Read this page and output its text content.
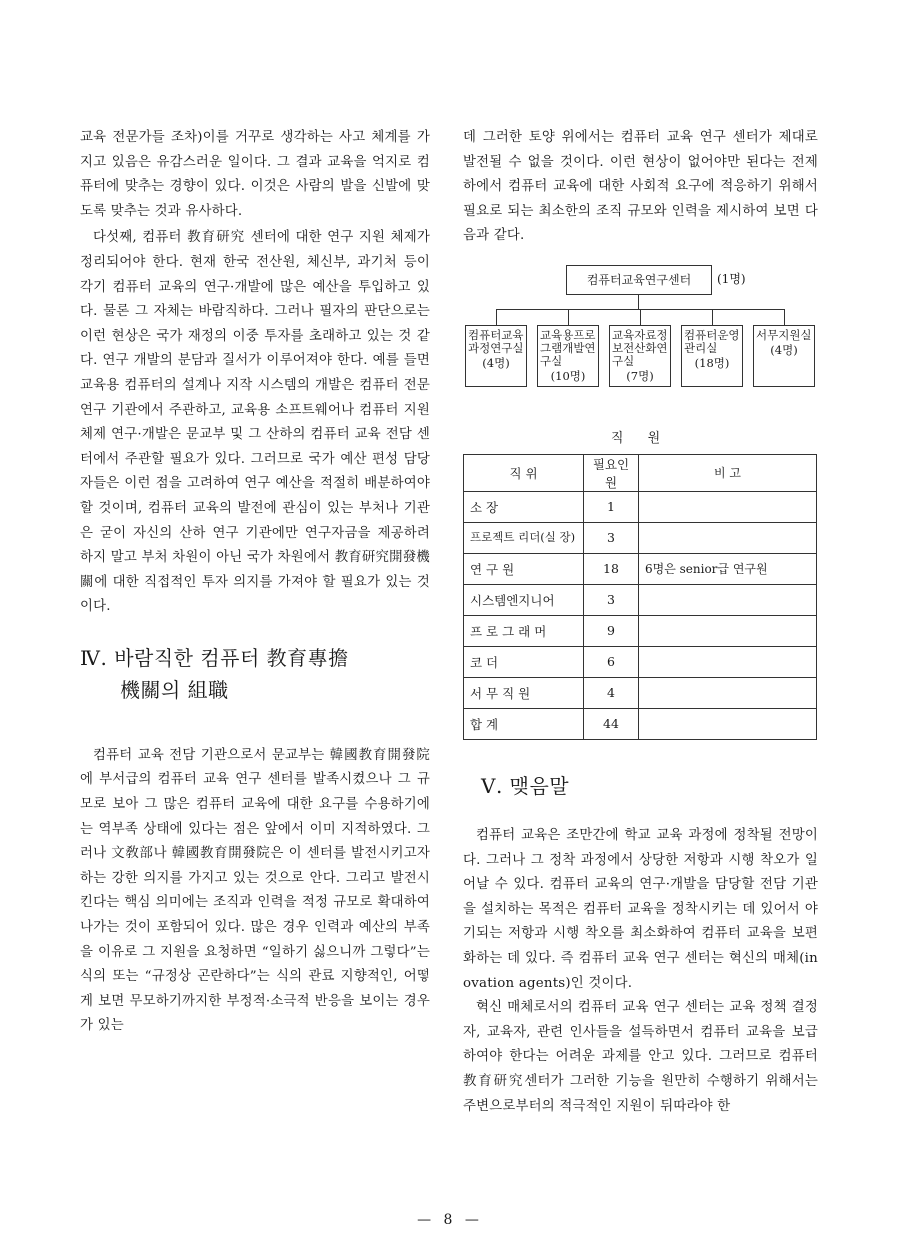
교육 전문가들 조차)이를 거꾸로 생각하는 사고 체계를 가지고 있음은 유감스러운 일이다. 그 결과 교육을 억지로 컴퓨터에 맞추는 경향이 있다. 이것은 사람의 발을 신발에 맞도록 맞추는 것과 유사하다.

다섯째, 컴퓨터 教育研究 센터에 대한 연구 지원 체제가 정리되어야 한다. 현재 한국 전산원, 체신부, 과기처 등이 각기 컴퓨터 교육의 연구·개발에 많은 예산을 투입하고 있다. 물론 그 자체는 바람직하다. 그러나 필자의 판단으로는 이런 현상은 국가 재정의 이중 투자를 초래하고 있는 것 같다. 연구 개발의 분담과 질서가 이루어져야 한다. 예를 들면 교육용 컴퓨터의 설계나 지작 시스템의 개발은 컴퓨터 전문 연구 기관에서 주관하고, 교육용 소프트웨어나 컴퓨터 지원체제 연구·개발은 문교부 및 그 산하의 컴퓨터 교육 전담 센터에서 주관할 필요가 있다. 그러므로 국가 예산 편성 담당자들은 이런 점을 고려하여 연구 예산을 적절히 배분하여야 할 것이며, 컴퓨터 교육의 발전에 관심이 있는 부처나 기관은 굳이 자신의 산하 연구 기관에만 연구자금을 제공하려 하지 말고 부처 차원이 아닌 국가 차원에서 教育研究開發機關에 대한 직접적인 투자 의지를 가져야 할 필요가 있는 것이다.

Ⅳ. 바람직한 컴퓨터 教育專擔

機關의 組職

컴퓨터 교육 전담 기관으로서 문교부는 韓國教育開發院에 부서급의 컴퓨터 교육 연구 센터를 발족시켰으나 그 규모로 보아 그 많은 컴퓨터 교육에 대한 요구를 수용하기에는 역부족 상태에 있다는 점은 앞에서 이미 지적하였다. 그러나 文敎部나 韓國教育開發院은 이 센터를 발전시키고자 하는 강한 의지를 가지고 있는 것으로 안다. 그리고 발전시킨다는 핵심 의미에는 조직과 인력을 적정 규모로 확대하여 나가는 것이 포함되어 있다. 많은 경우 인력과 예산의 부족을 이유로 그 지원을 요청하면 “일하기 싫으니까 그렇다”는 식의 또는 “규정상 곤란하다”는 식의 관료 지향적인, 어떻게 보면 무모하기까지한 부정적·소극적 반응을 보이는 경우가 있는

데 그러한 토양 위에서는 컴퓨터 교육 연구 센터가 제대로 발전될 수 없을 것이다. 이런 현상이 없어야만 된다는 전제 하에서 컴퓨터 교육에 대한 사회적 요구에 적응하기 위해서 필요로 되는 최소한의 조직 규모와 인력을 제시하여 보면 다음과 같다.

컴퓨터교육연구센터	(1명)
컴퓨터교육과정연구실
(4명)
교육용프로그램개발연구실
(10명)
교육자료정보전산화연구실
(7명)
컴퓨터운영관리실
(18명)
서무지원실
(4명)
직 원
직 위	필요인원	비 고
소 장	1	
프로젝트 리더(실 장)	3	
연 구 원	18	6명은 senior급 연구원
시스템엔지니어	3	
프 로 그 래 머	9	
코 더	6	
서 무 직 원	4	
합 계	44	

Ⅴ. 맺음말

컴퓨터 교육은 조만간에 학교 교육 과정에 정착될 전망이다. 그러나 그 정착 과정에서 상당한 저항과 시행 착오가 일어날 수 있다. 컴퓨터 교육의 연구·개발을 담당할 전담 기관을 설치하는 목적은 컴퓨터 교육을 정착시키는 데 있어서 야기되는 저항과 시행 착오를 최소화하여 컴퓨터 교육을 보편화하는 데 있다. 즉 컴퓨터 교육 연구 센터는 혁신의 매체(inovation agents)인 것이다.

혁신 매체로서의 컴퓨터 교육 연구 센터는 교육 정책 결정자, 교육자, 관련 인사들을 설득하면서 컴퓨터 교육을 보급하여야 한다는 어려운 과제를 안고 있다. 그러므로 컴퓨터 教育研究센터가 그러한 기능을 원만히 수행하기 위해서는 주변으로부터의 적극적인 지원이 뒤따라야 한

— 8 —
